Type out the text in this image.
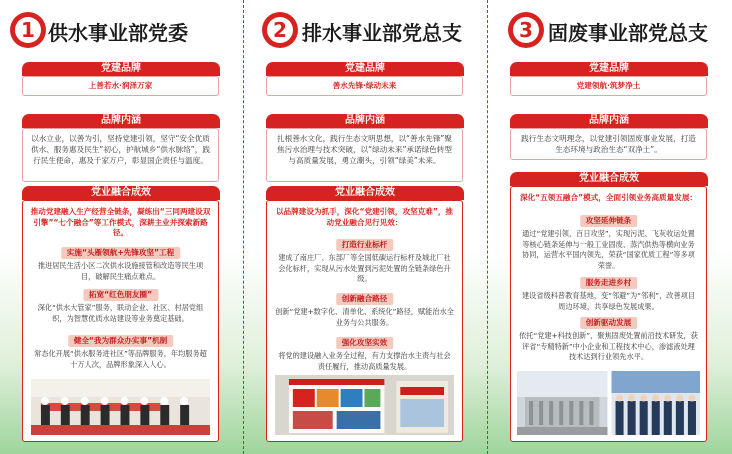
1 供水事业部党委
党建品牌
上善若水·润泽万家
品牌内涵
以水立业，以善为引，坚持党建引领，坚守“安全优质供水、服务惠及民生”初心，护航城乡“供水脉络”，践行民生使命，惠及千家万户，彰显国企责任与温度。
党业融合成效
推动党建融入生产经营全链条，凝练出“三同两建设双引擎”“七个融合”等工作模式，深耕主业并探索新路径。
实施“头雁领航+先锋攻坚”工程
推进居民生活小区二次供水设施接管和改造等民生项目，破解民生痛点难点。
拓宽“红色朋友圈”
深化“供水大管家”服务，联动企业、社区、村居党组织，为智慧优质水站建设等业务奠定基础。
健全“我为群众办实事”机制
常态化开展“供水服务进社区”等品牌服务，年均服务超十万人次，品牌形象深入人心。
2 排水事业部党总支
党建品牌
善水先锋·绿动未来
品牌内涵
扎根善水文化，践行生态文明思想，以“善水先锋”聚焦污水治理与技术突破，以“绿动未来”承诺绿色转型与高质量发展，勇立潮头，引领“绿美”未来。
党业融合成效
以品牌建设为抓手，深化“党建引领，攻坚克难”，推动党业融合见行见效：
打造行业标杆
建成了南庄厂、东部厂等全国低碳运行标杆及城北厂社会化标杆，实现从污水处置到污泥处置的全链条绿色升级。
创新融合路径
创新“党建+数字化、清单化、系统化”路径，赋能治水全业务与公共服务。
强化攻坚实效
将党的建设融入业务全过程，有力支撑治水主责与社会责任履行，推动高质量发展。
3 固废事业部党总支
党建品牌
党建领航·筑梦净土
品牌内涵
践行生态文明理念，以党建引领固废事业发展，打造生态环境与政治生态“双净土”。
党业融合成效
深化“五领五融合”模式，全面引领业务高质量发展：
攻坚延伸链条
通过“党建引领，百日攻坚”，实现污泥、飞灰收运处置等核心链条延伸与一般工业固废、蒸汽供热等横向业务协同，运营水平国内领先，荣获“国家优质工程”等多项荣誉。
服务走进乡村
建设省级科普教育基地，变“邻避”为“邻利”，改善项目周边环境，共享绿色发展成果。
创新驱动发展
依托“党建+科技创新”，聚焦固废处置前沿技术研发，获评省“专精特新”中小企业和工程技术中心，渗滤液处理技术达到行业领先水平。
